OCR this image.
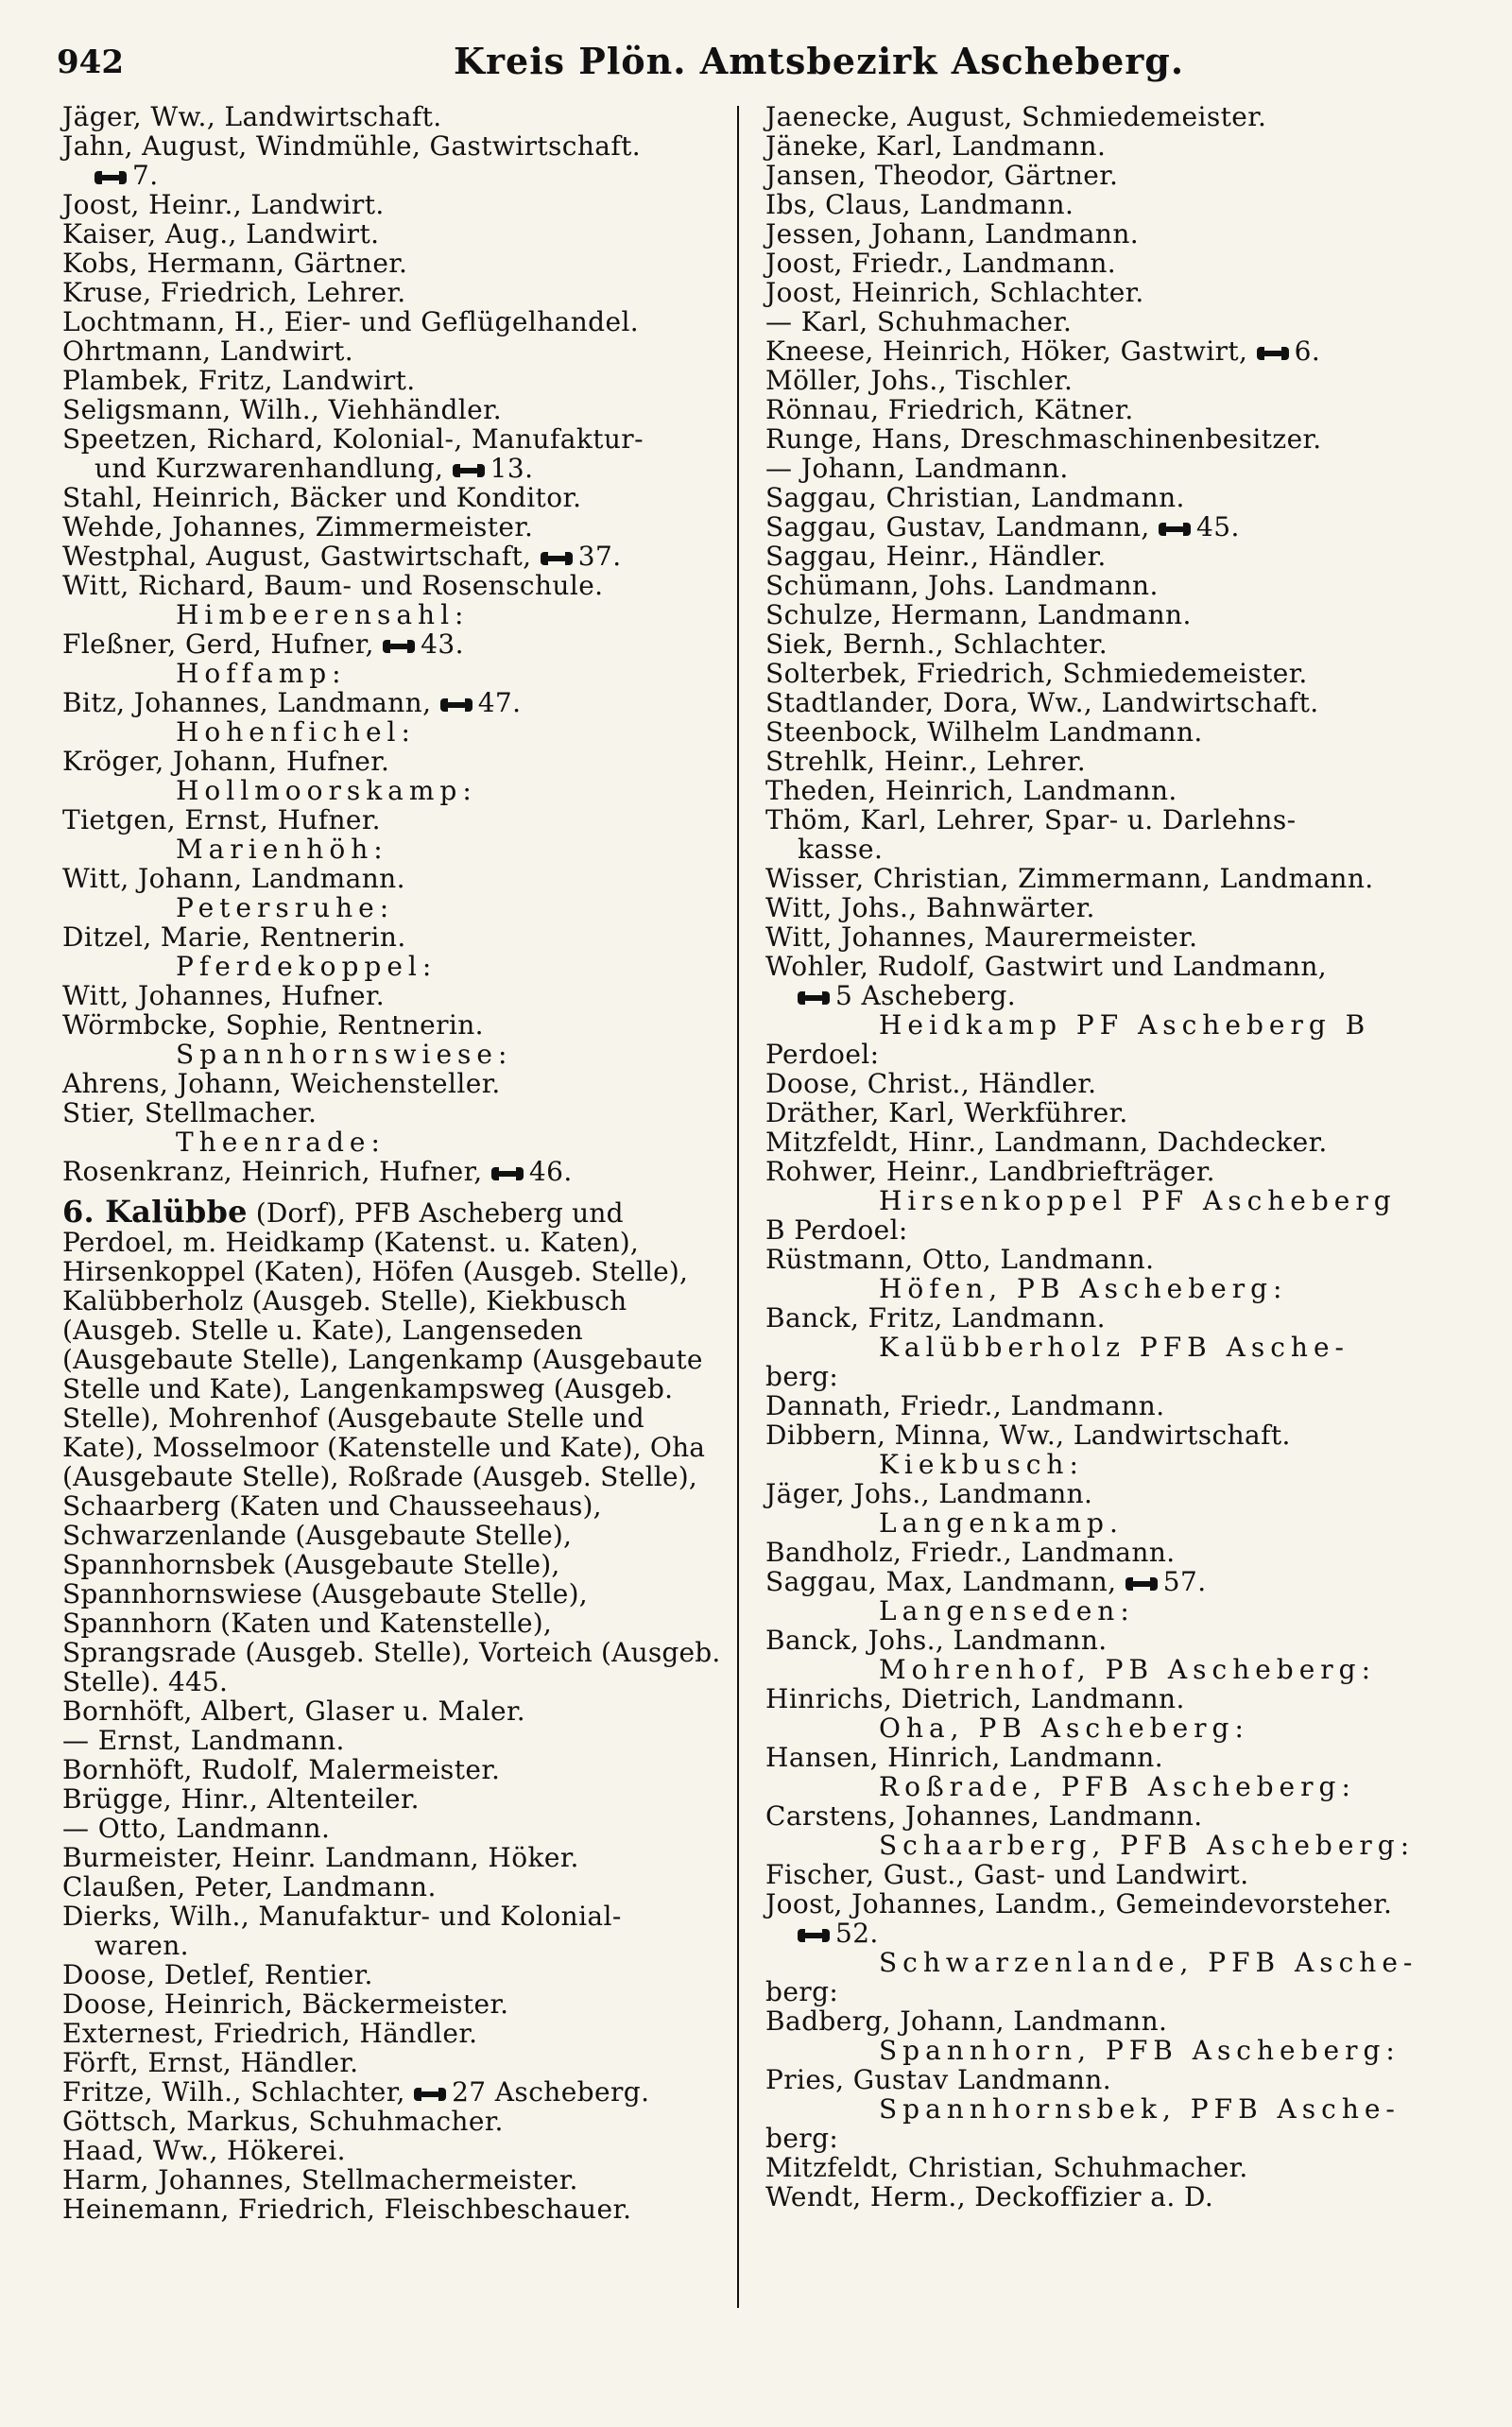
942	Kreis Plön. Amtsbezirk Ascheberg.
Jäger, Ww., Landwirtschaft.
Jahn, August, Windmühle, Gastwirtschaft.
7.
Joost, Heinr., Landwirt.
Kaiser, Aug., Landwirt.
Kobs, Hermann, Gärtner.
Kruse, Friedrich, Lehrer.
Lochtmann, H., Eier- und Geflügelhandel.
Ohrtmann, Landwirt.
Plambek, Fritz, Landwirt.
Seligsmann, Wilh., Viehhändler.
Speetzen, Richard, Kolonial-, Manufaktur-
und Kurzwarenhandlung, 13.
Stahl, Heinrich, Bäcker und Konditor.
Wehde, Johannes, Zimmermeister.
Westphal, August, Gastwirtschaft, 37.
Witt, Richard, Baum- und Rosenschule.
Himbeerensahl:
Fleßner, Gerd, Hufner, 43.
Hoffamp:
Bitz, Johannes, Landmann, 47.
Hohenfichel:
Kröger, Johann, Hufner.
Hollmoorskamp:
Tietgen, Ernst, Hufner.
Marienhöh:
Witt, Johann, Landmann.
Petersruhe:
Ditzel, Marie, Rentnerin.
Pferdekoppel:
Witt, Johannes, Hufner.
Wörmbcke, Sophie, Rentnerin.
Spannhornswiese:
Ahrens, Johann, Weichensteller.
Stier, Stellmacher.
Theenrade:
Rosenkranz, Heinrich, Hufner, 46.
6. Kalübbe (Dorf), PFB Ascheberg und Perdoel, m. Heidkamp (Katenst. u. Katen), Hirsenkoppel (Katen), Höfen (Ausgeb. Stelle), Kalübberholz (Ausgeb. Stelle), Kiekbusch (Ausgeb. Stelle u. Kate), Langenseden (Ausgebaute Stelle), Langenkamp (Ausgebaute Stelle und Kate), Langenkampsweg (Ausgeb. Stelle), Mohrenhof (Ausgebaute Stelle und Kate), Mosselmoor (Katenstelle und Kate), Oha (Ausgebaute Stelle), Roßrade (Ausgeb. Stelle), Schaarberg (Katen und Chausseehaus), Schwarzenlande (Ausgebaute Stelle), Spannhornsbek (Ausgebaute Stelle), Spannhornswiese (Ausgebaute Stelle), Spannhorn (Katen und Katenstelle), Sprangsrade (Ausgeb. Stelle), Vorteich (Ausgeb. Stelle). 445.
Bornhöft, Albert, Glaser u. Maler.
— Ernst, Landmann.
Bornhöft, Rudolf, Malermeister.
Brügge, Hinr., Altenteiler.
— Otto, Landmann.
Burmeister, Heinr. Landmann, Höker.
Claußen, Peter, Landmann.
Dierks, Wilh., Manufaktur- und Kolonial-
waren.
Doose, Detlef, Rentier.
Doose, Heinrich, Bäckermeister.
Externest, Friedrich, Händler.
Förft, Ernst, Händler.
Fritze, Wilh., Schlachter, 27 Ascheberg.
Göttsch, Markus, Schuhmacher.
Haad, Ww., Hökerei.
Harm, Johannes, Stellmachermeister.
Heinemann, Friedrich, Fleischbeschauer.
Jaenecke, August, Schmiedemeister.
Jäneke, Karl, Landmann.
Jansen, Theodor, Gärtner.
Ibs, Claus, Landmann.
Jessen, Johann, Landmann.
Joost, Friedr., Landmann.
Joost, Heinrich, Schlachter.
— Karl, Schuhmacher.
Kneese, Heinrich, Höker, Gastwirt, 6.
Möller, Johs., Tischler.
Rönnau, Friedrich, Kätner.
Runge, Hans, Dreschmaschinenbesitzer.
— Johann, Landmann.
Saggau, Christian, Landmann.
Saggau, Gustav, Landmann, 45.
Saggau, Heinr., Händler.
Schümann, Johs. Landmann.
Schulze, Hermann, Landmann.
Siek, Bernh., Schlachter.
Solterbek, Friedrich, Schmiedemeister.
Stadtlander, Dora, Ww., Landwirtschaft.
Steenbock, Wilhelm Landmann.
Strehlk, Heinr., Lehrer.
Theden, Heinrich, Landmann.
Thöm, Karl, Lehrer, Spar- u. Darlehns-
kasse.
Wisser, Christian, Zimmermann, Landmann.
Witt, Johs., Bahnwärter.
Witt, Johannes, Maurermeister.
Wohler, Rudolf, Gastwirt und Landmann,
5 Ascheberg.
Heidkamp PF Ascheberg B
Perdoel:
Doose, Christ., Händler.
Dräther, Karl, Werkführer.
Mitzfeldt, Hinr., Landmann, Dachdecker.
Rohwer, Heinr., Landbriefträger.
Hirsenkoppel PF Ascheberg
B Perdoel:
Rüstmann, Otto, Landmann.
Höfen, PB Ascheberg:
Banck, Fritz, Landmann.
Kalübberholz PFB Asche-
berg:
Dannath, Friedr., Landmann.
Dibbern, Minna, Ww., Landwirtschaft.
Kiekbusch:
Jäger, Johs., Landmann.
Langenkamp.
Bandholz, Friedr., Landmann.
Saggau, Max, Landmann, 57.
Langenseden:
Banck, Johs., Landmann.
Mohrenhof, PB Ascheberg:
Hinrichs, Dietrich, Landmann.
Oha, PB Ascheberg:
Hansen, Hinrich, Landmann.
Roßrade, PFB Ascheberg:
Carstens, Johannes, Landmann.
Schaarberg, PFB Ascheberg:
Fischer, Gust., Gast- und Landwirt.
Joost, Johannes, Landm., Gemeindevorsteher.
52.
Schwarzenlande, PFB Asche-
berg:
Badberg, Johann, Landmann.
Spannhorn, PFB Ascheberg:
Pries, Gustav Landmann.
Spannhornsbek, PFB Asche-
berg:
Mitzfeldt, Christian, Schuhmacher.
Wendt, Herm., Deckoffizier a. D.
